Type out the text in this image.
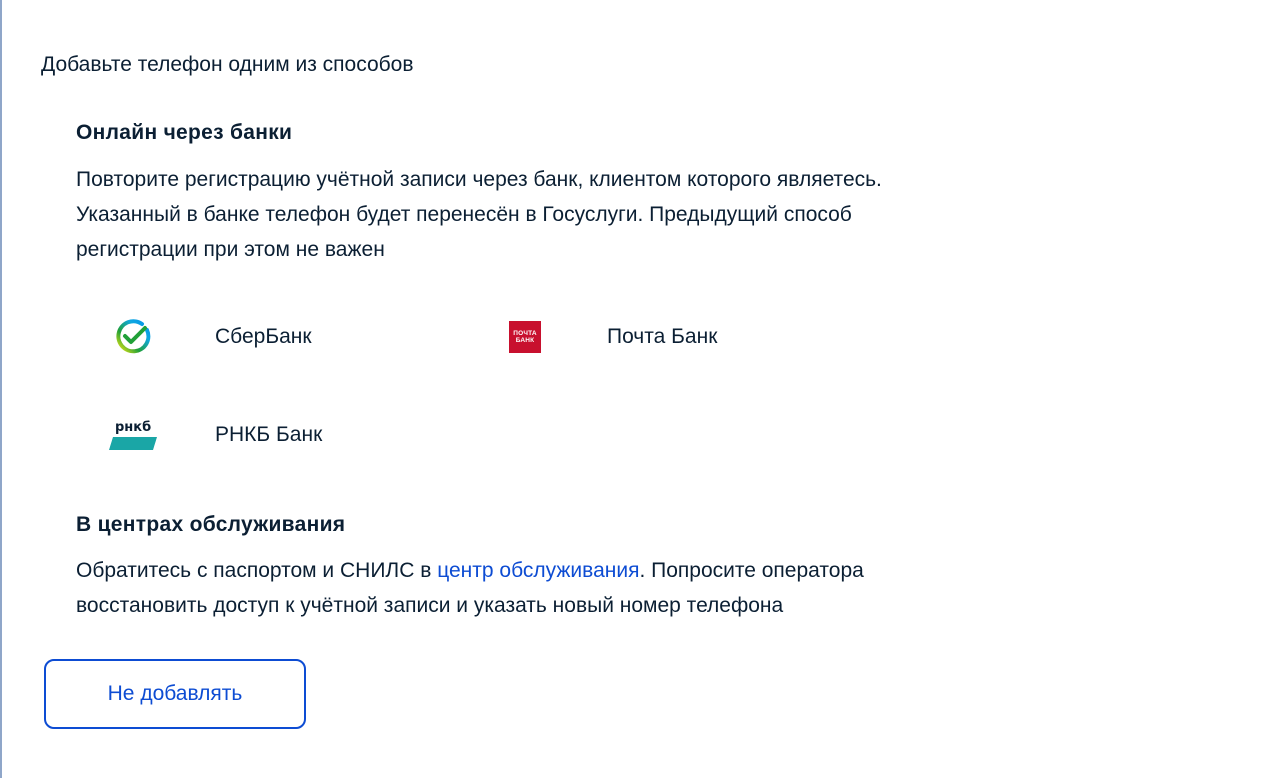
Добавьте телефон одним из способов
Онлайн через банки
Повторите регистрацию учётной записи через банк, клиентом которого являетесь. Указанный в банке телефон будет перенесён в Госуслуги. Предыдущий способ регистрации при этом не важен
СберБанк	ПОЧТА
БАНК	Почта Банк
рнкб	РНКБ Банк
В центрах обслуживания
Обратитесь с паспортом и СНИЛС в центр обслуживания. Попросите оператора восстановить доступ к учётной записи и указать новый номер телефона
Не добавлять
